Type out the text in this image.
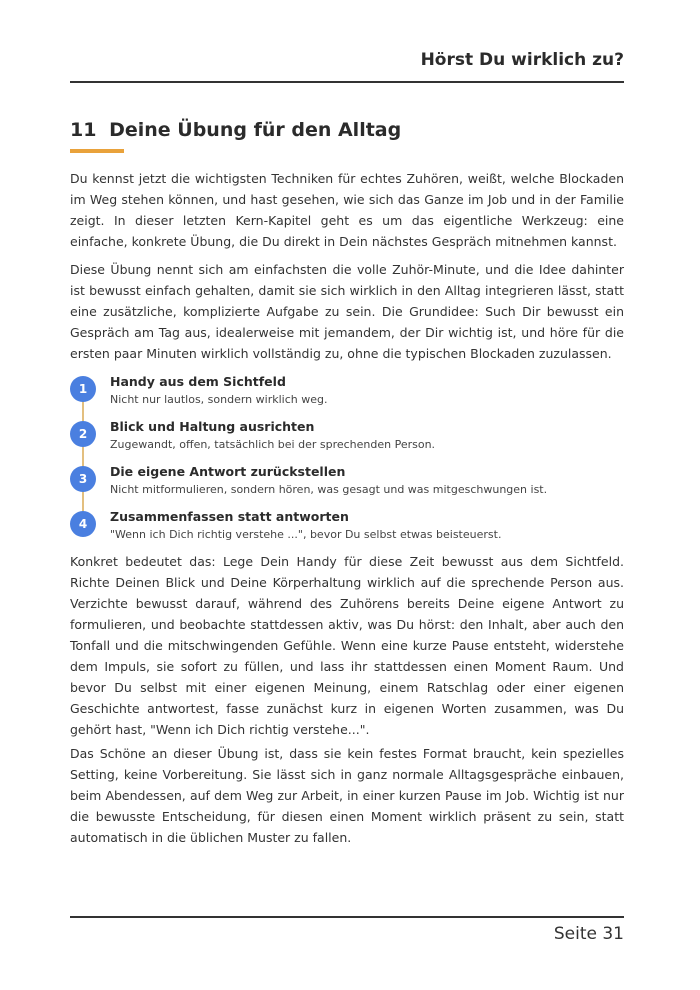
Hörst Du wirklich zu?
11 Deine Übung für den Alltag

Du kennst jetzt die wichtigsten Techniken für echtes Zuhören, weißt, welche Blockaden im Weg stehen können, und hast gesehen, wie sich das Ganze im Job und in der Familie zeigt. In dieser letzten Kern-Kapitel geht es um das eigentliche Werkzeug: eine einfache, konkrete Übung, die Du direkt in Dein nächstes Gespräch mitnehmen kannst.

Diese Übung nennt sich am einfachsten die volle Zuhör-Minute, und die Idee dahinter ist bewusst einfach gehalten, damit sie sich wirklich in den Alltag integrieren lässt, statt eine zusätzliche, komplizierte Aufgabe zu sein. Die Grundidee: Such Dir bewusst ein Gespräch am Tag aus, idealerweise mit jemandem, der Dir wichtig ist, und höre für die ersten paar Minuten wirklich vollständig zu, ohne die typischen Blockaden zuzulassen.

1	Handy aus dem Sichtfeld
Nicht nur lautlos, sondern wirklich weg.
2	Blick und Haltung ausrichten
Zugewandt, offen, tatsächlich bei der sprechenden Person.
3	Die eigene Antwort zurückstellen
Nicht mitformulieren, sondern hören, was gesagt und was mitgeschwungen ist.
4	Zusammenfassen statt antworten
"Wenn ich Dich richtig verstehe ...", bevor Du selbst etwas beisteuerst.

Konkret bedeutet das: Lege Dein Handy für diese Zeit bewusst aus dem Sichtfeld. Richte Deinen Blick und Deine Körperhaltung wirklich auf die sprechende Person aus. Verzichte bewusst darauf, während des Zuhörens bereits Deine eigene Antwort zu formulieren, und beobachte stattdessen aktiv, was Du hörst: den Inhalt, aber auch den Tonfall und die mitschwingenden Gefühle. Wenn eine kurze Pause entsteht, widerstehe dem Impuls, sie sofort zu füllen, und lass ihr stattdessen einen Moment Raum. Und bevor Du selbst mit einer eigenen Meinung, einem Ratschlag oder einer eigenen Geschichte antwortest, fasse zunächst kurz in eigenen Worten zusammen, was Du gehört hast, "Wenn ich Dich richtig verstehe...".

Das Schöne an dieser Übung ist, dass sie kein festes Format braucht, kein spezielles Setting, keine Vorbereitung. Sie lässt sich in ganz normale Alltagsgespräche einbauen, beim Abendessen, auf dem Weg zur Arbeit, in einer kurzen Pause im Job. Wichtig ist nur die bewusste Entscheidung, für diesen einen Moment wirklich präsent zu sein, statt automatisch in die üblichen Muster zu fallen.

Seite 31
